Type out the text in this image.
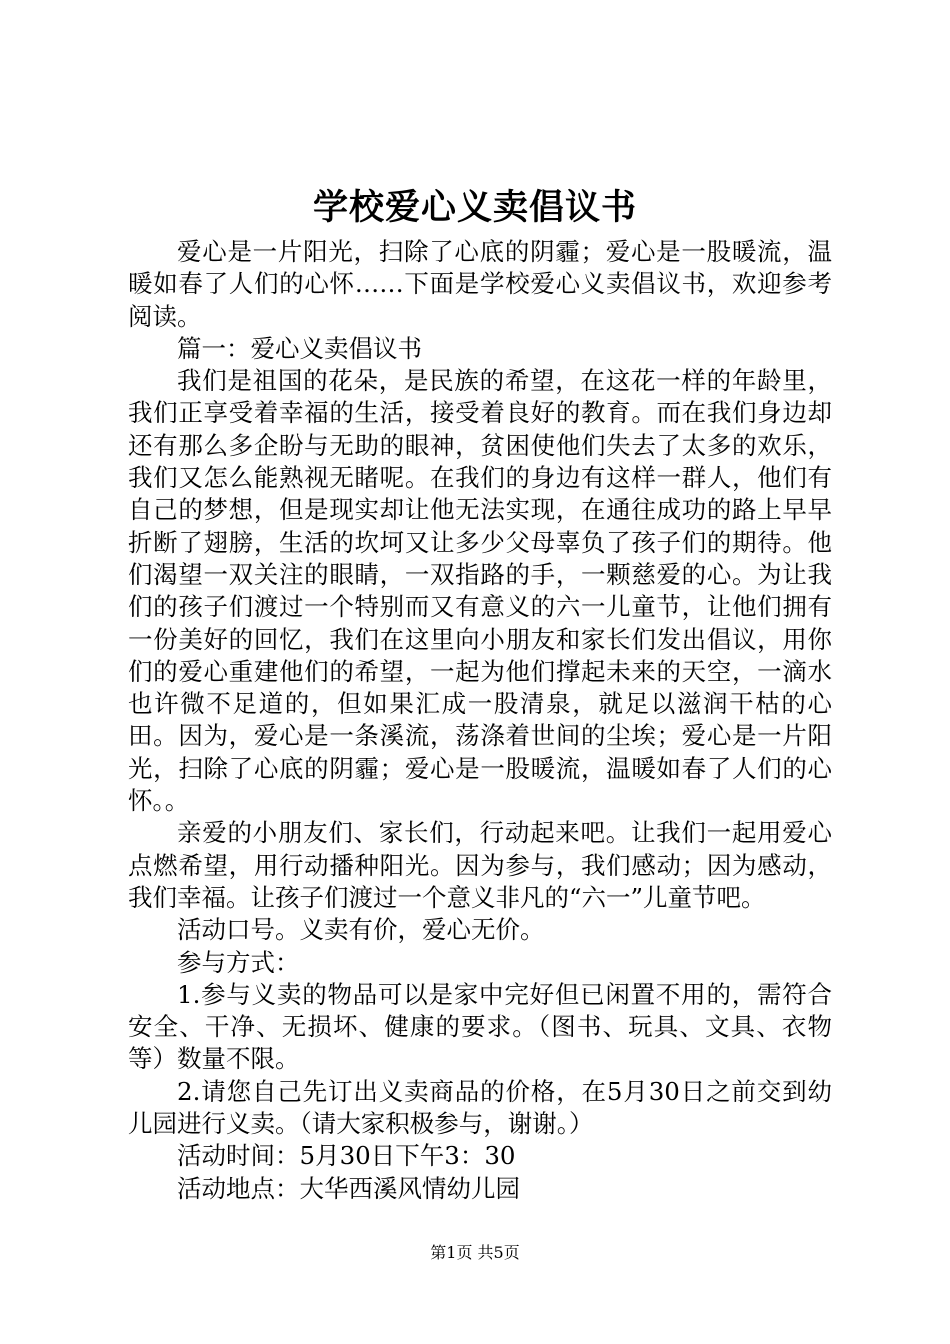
学校爱心义卖倡议书

爱心是一片阳光，扫除了心底的阴霾；爱心是一股暖流，温暖如春了人们的心怀……下面是学校爱心义卖倡议书，欢迎参考阅读。

篇一：爱心义卖倡议书

我们是祖国的花朵，是民族的希望，在这花一样的年龄里，我们正享受着幸福的生活，接受着良好的教育。而在我们身边却还有那么多企盼与无助的眼神，贫困使他们失去了太多的欢乐，我们又怎么能熟视无睹呢。在我们的身边有这样一群人，他们有自己的梦想，但是现实却让他无法实现，在通往成功的路上早早折断了翅膀，生活的坎坷又让多少父母辜负了孩子们的期待。他们渴望一双关注的眼睛，一双指路的手，一颗慈爱的心。为让我们的孩子们渡过一个特别而又有意义的六一儿童节，让他们拥有一份美好的回忆，我们在这里向小朋友和家长们发出倡议，用你们的爱心重建他们的希望，一起为他们撑起未来的天空，一滴水也许微不足道的，但如果汇成一股清泉，就足以滋润干枯的心田。因为，爱心是一条溪流，荡涤着世间的尘埃；爱心是一片阳光，扫除了心底的阴霾；爱心是一股暖流，温暖如春了人们的心怀。。

亲爱的小朋友们、家长们，行动起来吧。让我们一起用爱心点燃希望，用行动播种阳光。因为参与，我们感动；因为感动，我们幸福。让孩子们渡过一个意义非凡的“六一”儿童节吧。

活动口号。义卖有价，爱心无价。

参与方式：

1.参与义卖的物品可以是家中完好但已闲置不用的，需符合安全、干净、无损坏、健康的要求。（图书、玩具、文具、衣物等）数量不限。

2.请您自己先订出义卖商品的价格，在5月30日之前交到幼儿园进行义卖。（请大家积极参与，谢谢。）

活动时间：5月30日下午3：30

活动地点：大华西溪风情幼儿园

第1页 共5页
